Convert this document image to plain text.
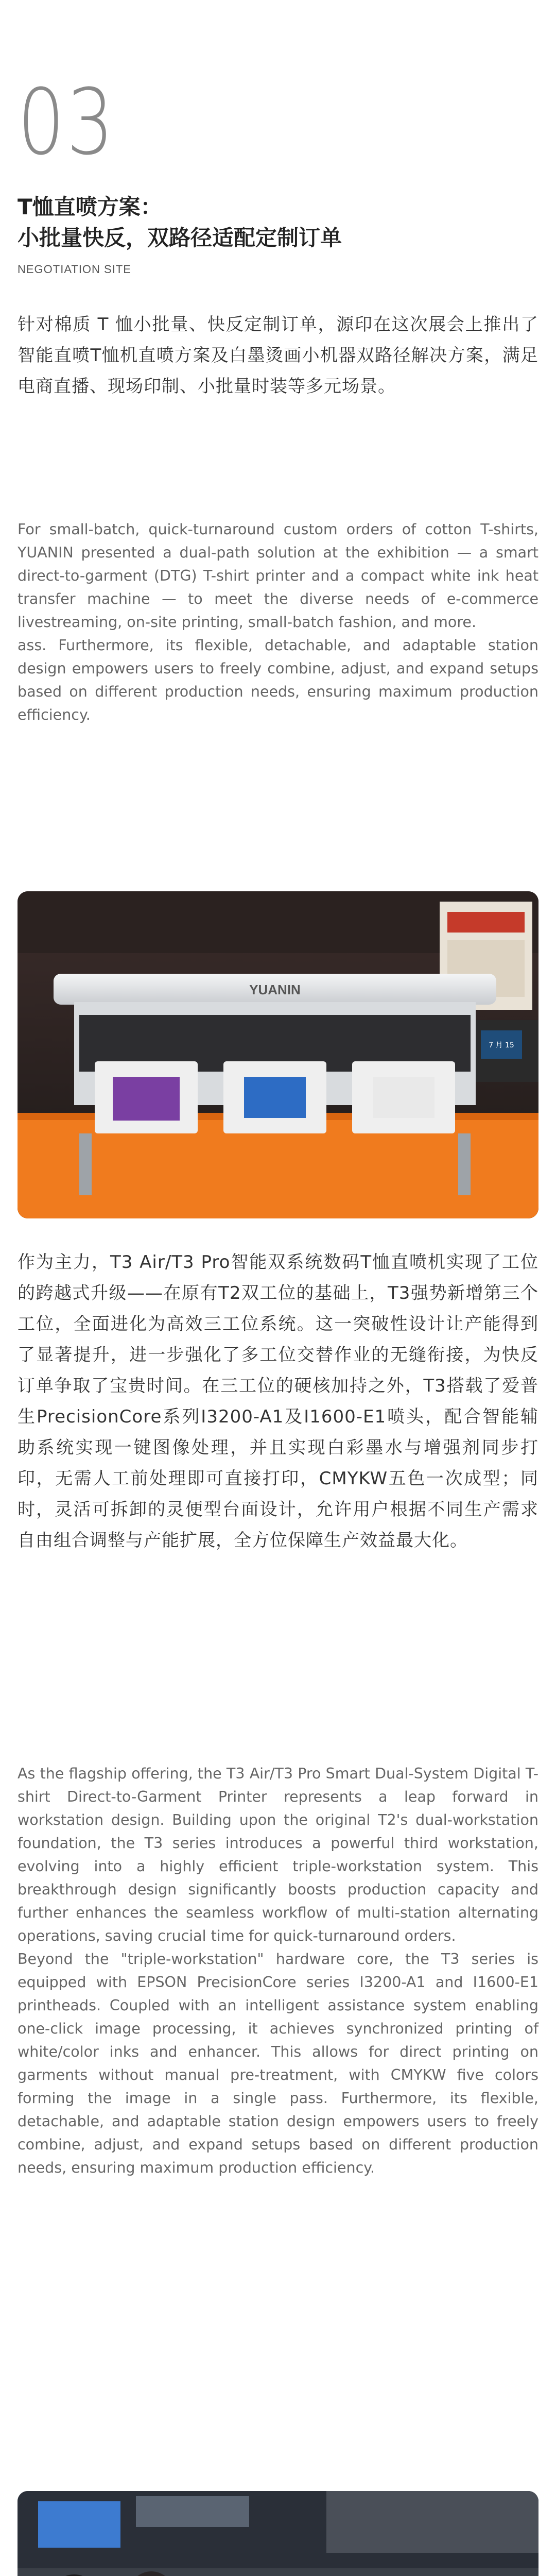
03
T恤直喷方案：
小批量快反，双路径适配定制订单
NEGOTIATION SITE
针对棉质 T 恤小批量、快反定制订单，源印在这次展会上推出了智能直喷T恤机直喷方案及白墨烫画小机器双路径解决方案，满足电商直播、现场印制、小批量时装等多元场景。

For small-batch, quick-turnaround custom orders of cotton T-shirts, YUANIN presented a dual-path solution at the exhibition — a smart direct-to-garment (DTG) T-shirt printer and a compact white ink heat transfer machine — to meet the diverse needs of e-commerce livestreaming, on-site printing, small-batch fashion, and more.

ass. Furthermore, its flexible, detachable, and adaptable station design empowers users to freely combine, adjust, and expand setups based on different production needs, ensuring maximum production efficiency.

YUANIN
7 月 15
作为主力，T3 Air/T3 Pro智能双系统数码T恤直喷机实现了工位的跨越式升级——在原有T2双工位的基础上，T3强势新增第三个工位，全面进化为高效三工位系统。这一突破性设计让产能得到了显著提升，进一步强化了多工位交替作业的无缝衔接，为快反订单争取了宝贵时间。在三工位的硬核加持之外，T3搭载了爱普生PrecisionCore系列I3200-A1及I1600-E1喷头，配合智能辅助系统实现一键图像处理，并且实现白彩墨水与增强剂同步打印，无需人工前处理即可直接打印，CMYKW五色一次成型；同时，灵活可拆卸的灵便型台面设计，允许用户根据不同生产需求自由组合调整与产能扩展，全方位保障生产效益最大化。

As the flagship offering, the T3 Air/T3 Pro Smart Dual-System Digital T-shirt Direct-to-Garment Printer represents a leap forward in workstation design. Building upon the original T2's dual-workstation foundation, the T3 series introduces a powerful third workstation, evolving into a highly efficient triple-workstation system. This breakthrough design significantly boosts production capacity and further enhances the seamless workflow of multi-station alternating operations, saving crucial time for quick-turnaround orders.

Beyond the "triple-workstation" hardware core, the T3 series is equipped with EPSON PrecisionCore series I3200-A1 and I1600-E1 printheads. Coupled with an intelligent assistance system enabling one-click image processing, it achieves synchronized printing of white/color inks and enhancer. This allows for direct printing on garments without manual pre-treatment, with CMYKW five colors forming the image in a single pass. Furthermore, its flexible, detachable, and adaptable station design empowers users to freely combine, adjust, and expand setups based on different production needs, ensuring maximum production efficiency.
